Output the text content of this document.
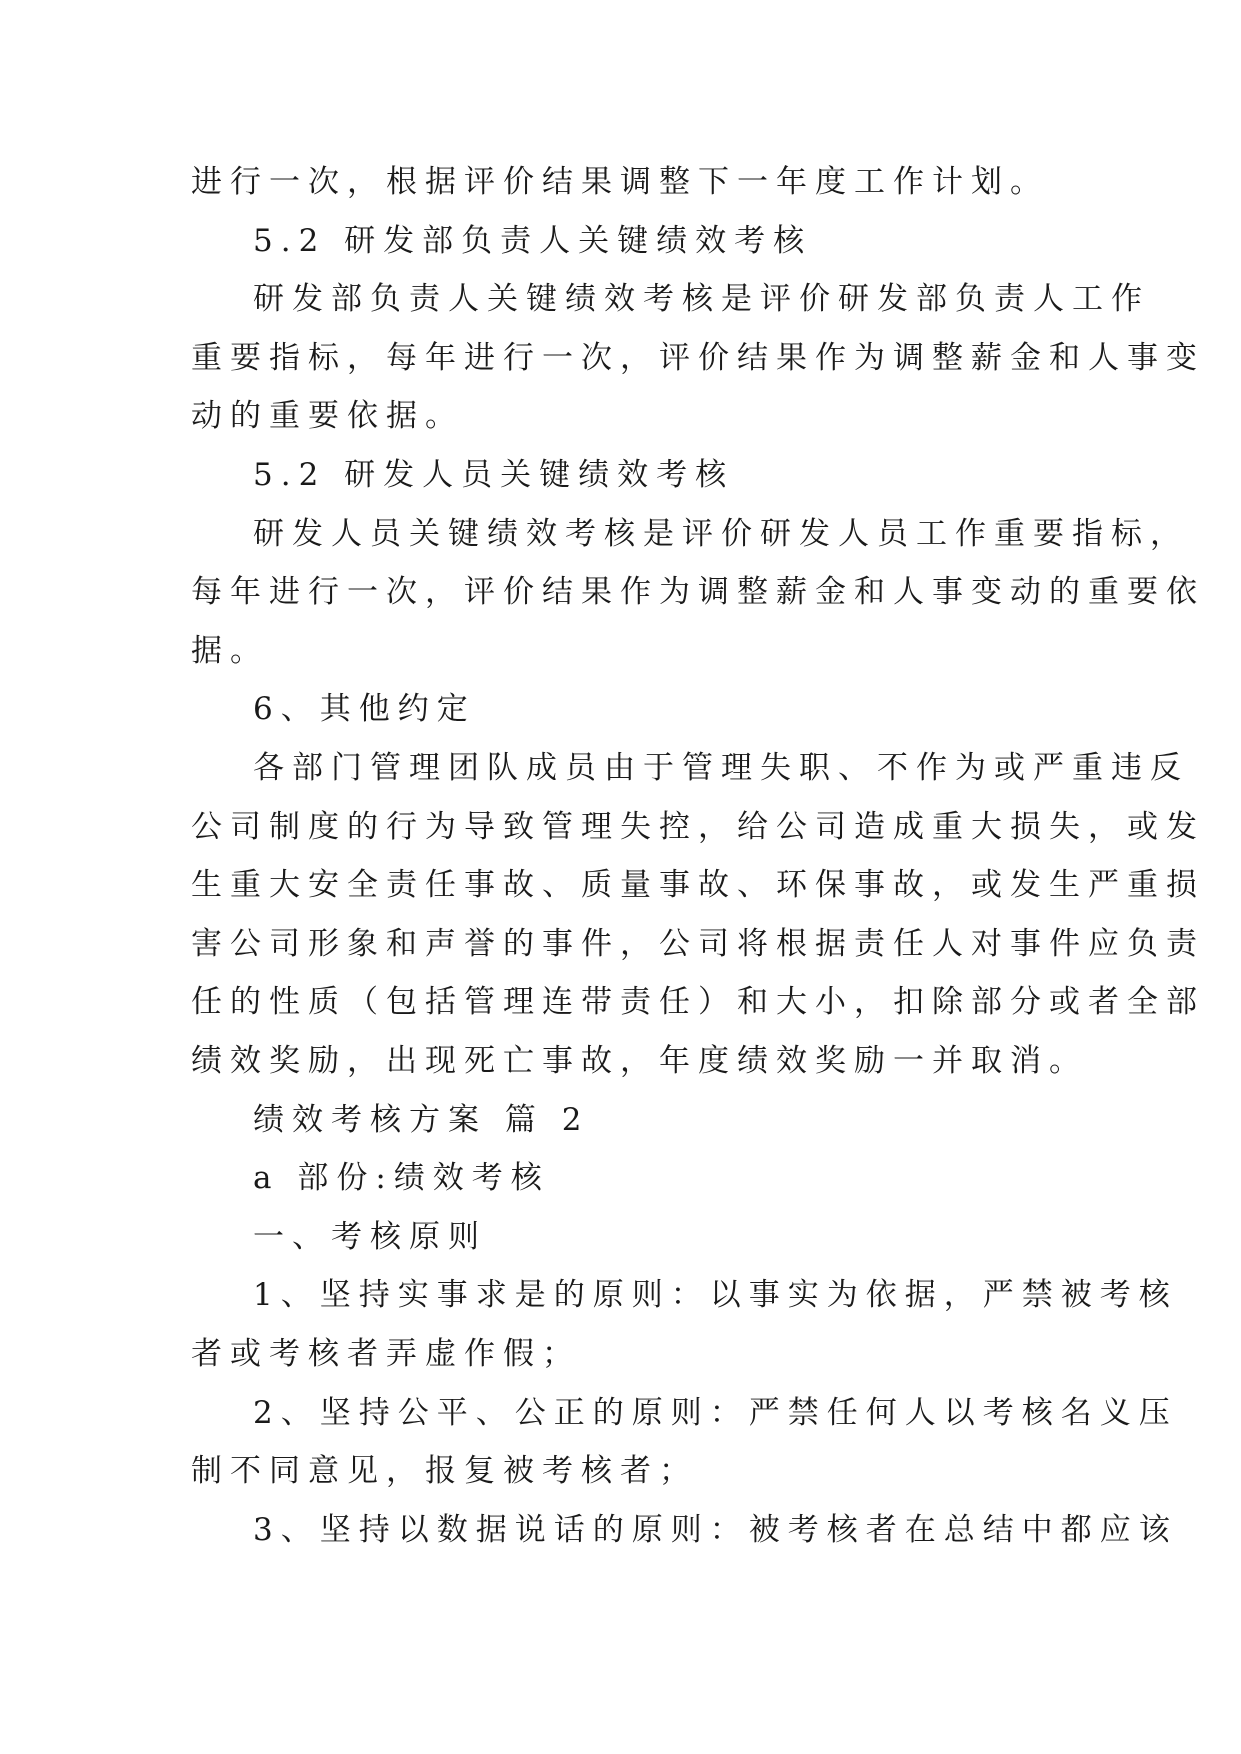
进行一次，根据评价结果调整下一年度工作计划。
5.2 研发部负责人关键绩效考核
研发部负责人关键绩效考核是评价研发部负责人工作
重要指标，每年进行一次，评价结果作为调整薪金和人事变
动的重要依据。
5.2 研发人员关键绩效考核
研发人员关键绩效考核是评价研发人员工作重要指标，
每年进行一次，评价结果作为调整薪金和人事变动的重要依
据。
6、其他约定
各部门管理团队成员由于管理失职、不作为或严重违反
公司制度的行为导致管理失控，给公司造成重大损失，或发
生重大安全责任事故、质量事故、环保事故，或发生严重损
害公司形象和声誉的事件，公司将根据责任人对事件应负责
任的性质（包括管理连带责任）和大小，扣除部分或者全部
绩效奖励，出现死亡事故，年度绩效奖励一并取消。
绩效考核方案 篇 2
a 部份:绩效考核
一、考核原则
1、坚持实事求是的原则：以事实为依据，严禁被考核
者或考核者弄虚作假；
2、坚持公平、公正的原则：严禁任何人以考核名义压
制不同意见，报复被考核者；
3、坚持以数据说话的原则：被考核者在总结中都应该
